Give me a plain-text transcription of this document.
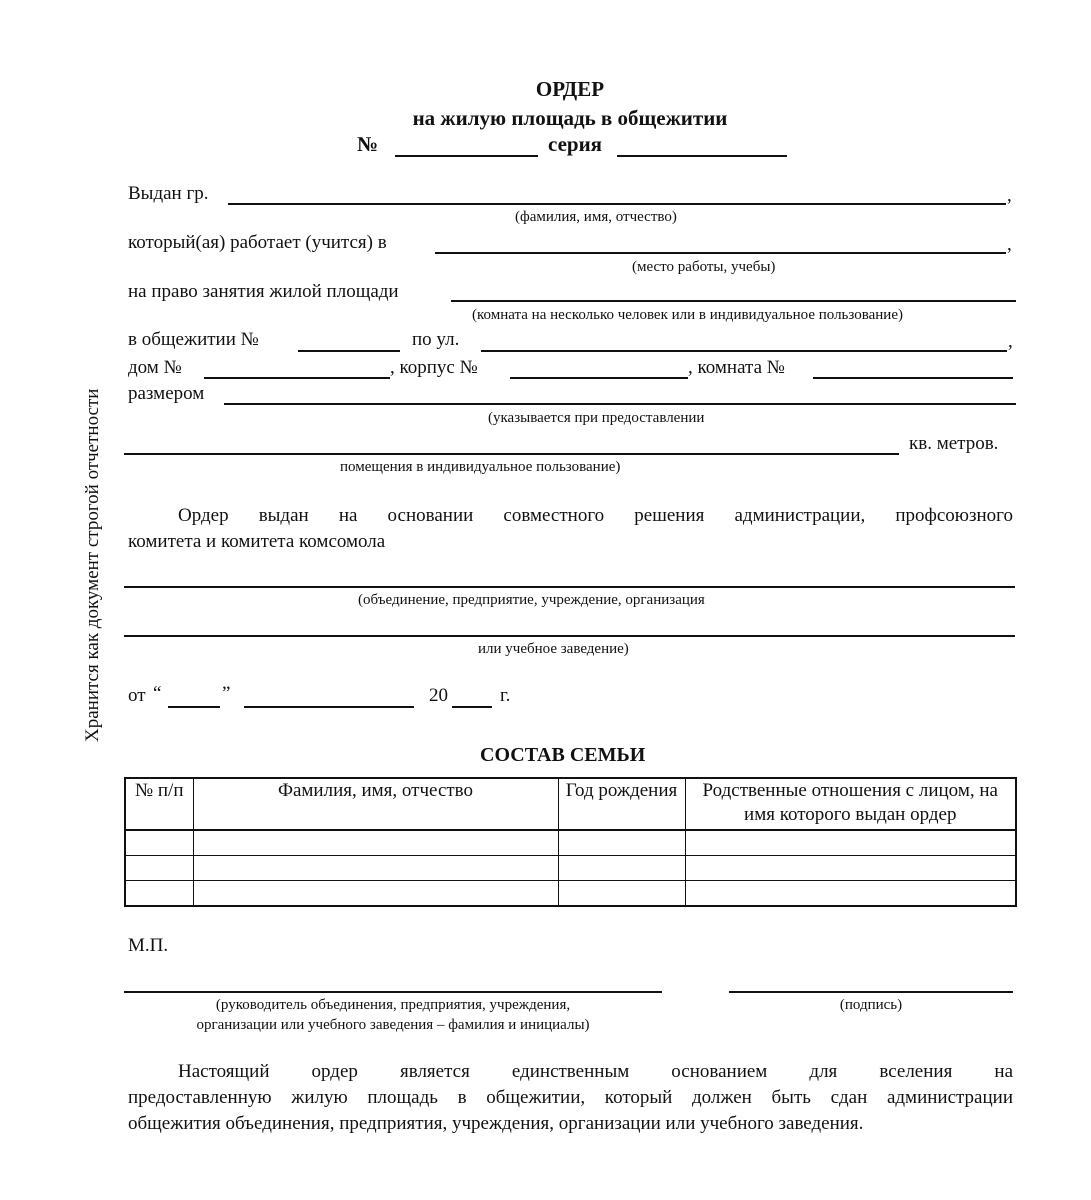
Хранится как документ строгой отчетности
ОРДЕР
на жилую площадь в общежитии
№	серия
Выдан гр.	,
(фамилия, имя, отчество)
который(ая) работает (учится) в	,
(место работы, учебы)
на право занятия жилой площади
(комната на несколько человек или в индивидуальное пользование)
в общежитии №	по ул.	,
дом №	, корпус №	, комната №
размером
(указывается при предоставлении
кв. метров.
помещения в индивидуальное пользование)
Ордер выдан на основании совместного решения администрации, профсоюзного
комитета и комитета комсомола
(объединение, предприятие, учреждение, организация
или учебное заведение)
от “	”	20	г.
СОСТАВ СЕМЬИ
№ п/п	Фамилия, имя, отчество	Год рождения	Родственные отношения с лицом, на имя которого выдан ордер

М.П.
(руководитель объединения, предприятия, учреждения,
организации или учебного заведения – фамилия и инициалы)
(подпись)
Настоящий ордер является единственным основанием для вселения на
предоставленную жилую площадь в общежитии, который должен быть сдан администрации
общежития объединения, предприятия, учреждения, организации или учебного заведения.
